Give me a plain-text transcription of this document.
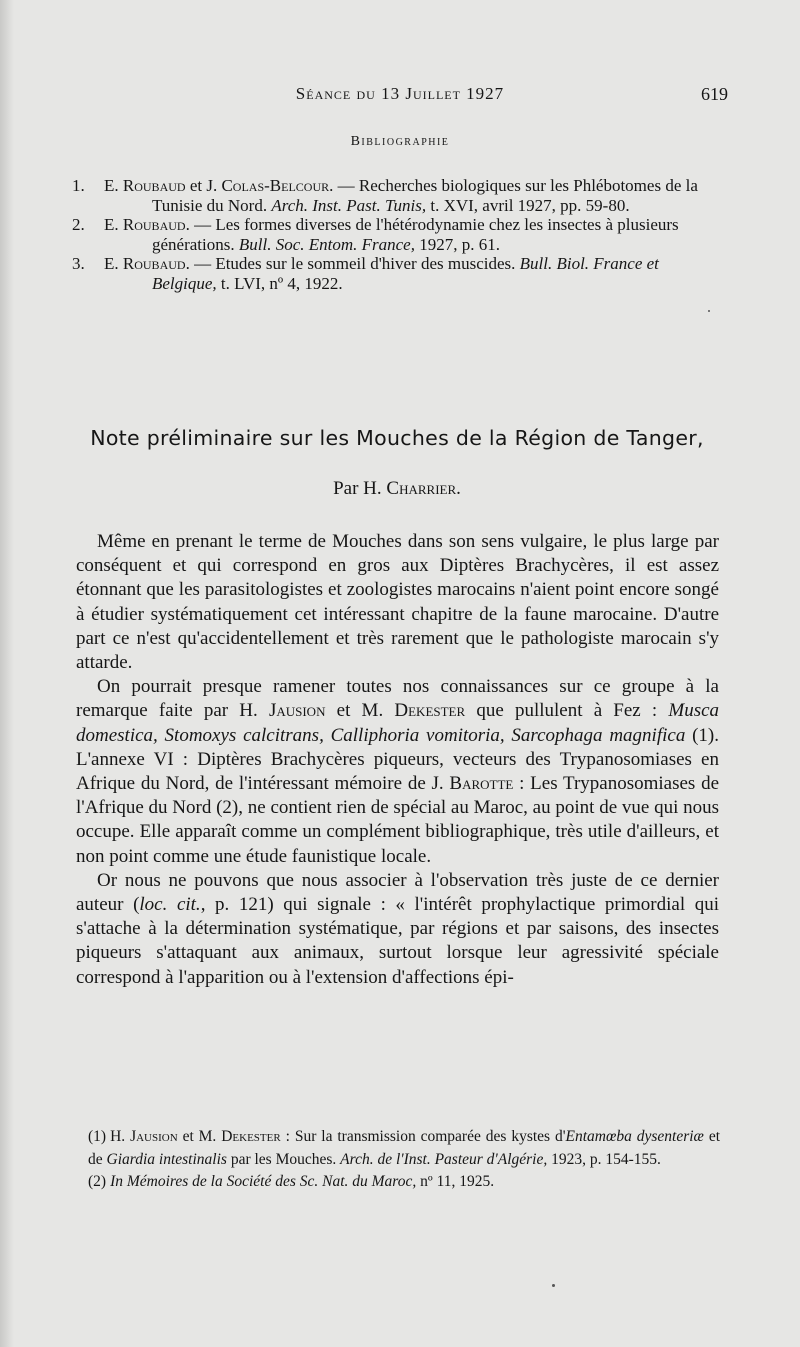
Séance du 13 Juillet 1927	619
Bibliographie
1.	E. Roubaud et J. Colas-Belcour. — Recherches biologiques sur les Phlébotomes de la Tunisie du Nord. Arch. Inst. Past. Tunis, t. XVI, avril 1927, pp. 59-80.
2.	E. Roubaud. — Les formes diverses de l'hétérodynamie chez les insectes à plusieurs générations. Bull. Soc. Entom. France, 1927, p. 61.
3.	E. Roubaud. — Etudes sur le sommeil d'hiver des muscides. Bull. Biol. France et Belgique, t. LVI, nº 4, 1922.
Note préliminaire sur les Mouches de la Région de Tanger,
Par H. Charrier.

Même en prenant le terme de Mouches dans son sens vulgaire, le plus large par conséquent et qui correspond en gros aux Diptères Brachycères, il est assez étonnant que les parasitologistes et zoologistes marocains n'aient point encore songé à étudier systématiquement cet intéressant chapitre de la faune marocaine. D'autre part ce n'est qu'accidentellement et très rarement que le pathologiste marocain s'y attarde.

On pourrait presque ramener toutes nos connaissances sur ce groupe à la remarque faite par H. Jausion et M. Dekester que pullulent à Fez : Musca domestica, Stomoxys calcitrans, Calliphoria vomitoria, Sarcophaga magnifica (1). L'annexe VI : Diptères Brachycères piqueurs, vecteurs des Trypanosomiases en Afrique du Nord, de l'intéressant mémoire de J. Barotte : Les Trypanosomiases de l'Afrique du Nord (2), ne contient rien de spécial au Maroc, au point de vue qui nous occupe. Elle apparaît comme un complément bibliographique, très utile d'ailleurs, et non point comme une étude faunistique locale.

Or nous ne pouvons que nous associer à l'observation très juste de ce dernier auteur (loc. cit., p. 121) qui signale : « l'intérêt prophylactique primordial qui s'attache à la détermination systématique, par régions et par saisons, des insectes piqueurs s'attaquant aux animaux, surtout lorsque leur agressivité spéciale correspond à l'apparition ou à l'extension d'affections épi-

(1) H. Jausion et M. Dekester : Sur la transmission comparée des kystes d'Entamœba dysenteriæ et de Giardia intestinalis par les Mouches. Arch. de l'Inst. Pasteur d'Algérie, 1923, p. 154-155.

(2) In Mémoires de la Société des Sc. Nat. du Maroc, nº 11, 1925.
